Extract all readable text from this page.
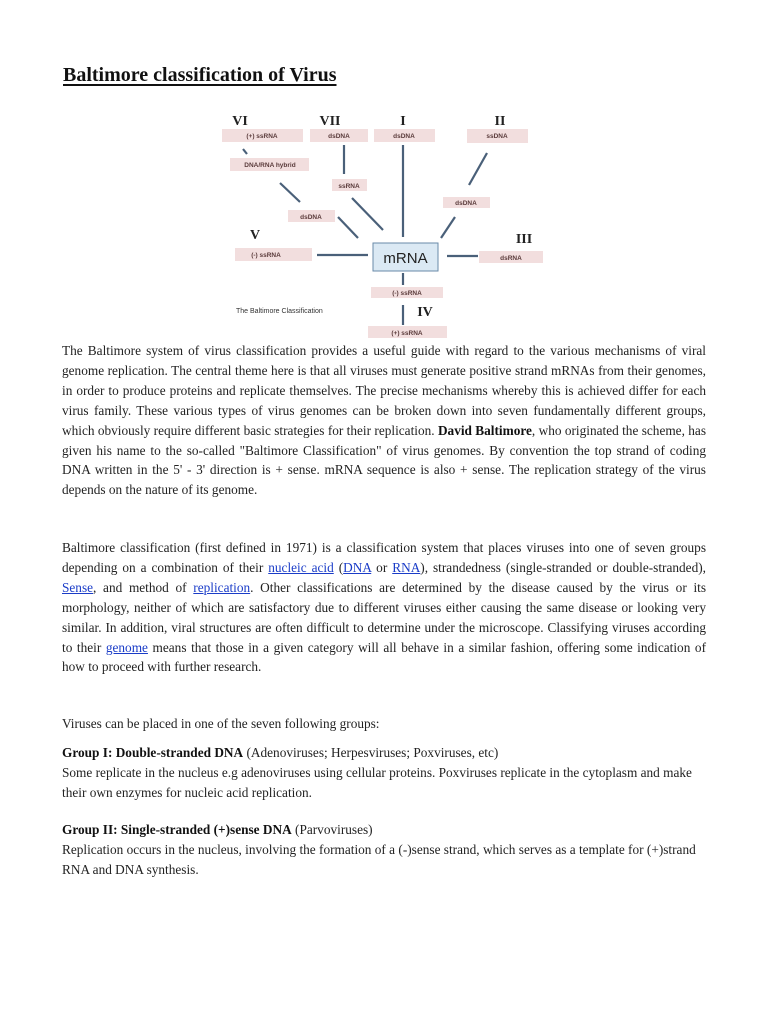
Baltimore classification of Virus
(+) ssRNA
DNA/RNA hybrid
dsDNA
dsDNA
ssRNA
dsDNA	ssDNA
dsDNA
(-) ssRNA	dsRNA
(-) ssRNA
(+) ssRNA
mRNA
VI	VII	I	II
V	III
IV
The Baltimore Classification

The Baltimore system of virus classification provides a useful guide with regard to the various mechanisms of viral genome replication. The central theme here is that all viruses must generate positive strand mRNAs from their genomes, in order to produce proteins and replicate themselves. The precise mechanisms whereby this is achieved differ for each virus family. These various types of virus genomes can be broken down into seven fundamentally different groups, which obviously require different basic strategies for their replication. David Baltimore, who originated the scheme, has given his name to the so-called "Baltimore Classification" of virus genomes. By convention the top strand of coding DNA written in the 5' - 3' direction is + sense. mRNA sequence is also + sense. The replication strategy of the virus depends on the nature of its genome.

Baltimore classification (first defined in 1971) is a classification system that places viruses into one of seven groups depending on a combination of their nucleic acid (DNA or RNA), strandedness (single-stranded or double-stranded), Sense, and method of replication. Other classifications are determined by the disease caused by the virus or its morphology, neither of which are satisfactory due to different viruses either causing the same disease or looking very similar. In addition, viral structures are often difficult to determine under the microscope. Classifying viruses according to their genome means that those in a given category will all behave in a similar fashion, offering some indication of how to proceed with further research.

Viruses can be placed in one of the seven following groups:

Group I: Double-stranded DNA (Adenoviruses; Herpesviruses; Poxviruses, etc)
Some replicate in the nucleus e.g adenoviruses using cellular proteins. Poxviruses replicate in the cytoplasm and make their own enzymes for nucleic acid replication.

Group II: Single-stranded (+)sense DNA (Parvoviruses)
Replication occurs in the nucleus, involving the formation of a (-)sense strand, which serves as a template for (+)strand RNA and DNA synthesis.
